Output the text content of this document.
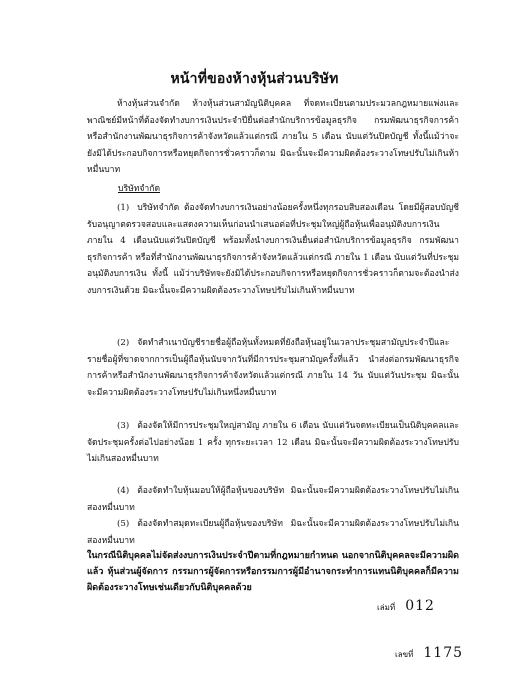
หน้าที่ของห้างหุ้นส่วนบริษัท

ห้างหุ้นส่วนจำกัด ห้างหุ้นส่วนสามัญนิติบุคคล ที่จดทะเบียนตามประมวลกฎหมายแพ่งและพาณิชย์มีหน้าที่ต้องจัดทำงบการเงินประจำปียื่นต่อสำนักบริการข้อมูลธุรกิจ กรมพัฒนาธุรกิจการค้าหรือสำนักงานพัฒนาธุรกิจการค้าจังหวัดแล้วแต่กรณี ภายใน 5 เดือน นับแต่วันปิดบัญชี ทั้งนี้แม้ว่าจะยังมิได้ประกอบกิจการหรือหยุดกิจการชั่วคราวก็ตาม มิฉะนั้นจะมีความผิดต้องระวางโทษปรับไม่เกินห้าหมื่นบาท

บริษัทจำกัด
(1) บริษัทจำกัด ต้องจัดทำงบการเงินอย่างน้อยครั้งหนึ่งทุกรอบสิบสองเดือน โดยมีผู้สอบบัญชีรับอนุญาตตรวจสอบและแสดงความเห็นก่อนนำเสนอต่อที่ประชุมใหญ่ผู้ถือหุ้นเพื่ออนุมัติงบการเงินภายใน 4 เดือนนับแต่วันปิดบัญชี พร้อมทั้งนำงบการเงินยื่นต่อสำนักบริการข้อมูลธุรกิจ กรมพัฒนาธุรกิจการค้า หรือที่สำนักงานพัฒนาธุรกิจการค้าจังหวัดแล้วแต่กรณี ภายใน 1 เดือน นับแต่วันที่ประชุมอนุมัติงบการเงิน ทั้งนี้ แม้ว่าบริษัทจะยังมิได้ประกอบกิจการหรือหยุดกิจการชั่วคราวก็ตามจะต้องนำส่งงบการเงินด้วย มิฉะนั้นจะมีความผิดต้องระวางโทษปรับไม่เกินห้าหมื่นบาท
(2) จัดทำสำเนาบัญชีรายชื่อผู้ถือหุ้นทั้งหมดที่ยังถือหุ้นอยู่ในเวลาประชุมสามัญประจำปีและรายชื่อผู้ที่ขาดจากการเป็นผู้ถือหุ้นนับจากวันที่มีการประชุมสามัญครั้งที่แล้ว นำส่งต่อกรมพัฒนาธุรกิจการค้าหรือสำนักงานพัฒนาธุรกิจการค้าจังหวัดแล้วแต่กรณี ภายใน 14 วัน นับแต่วันประชุม มิฉะนั้นจะมีความผิดต้องระวางโทษปรับไม่เกินหนึ่งหมื่นบาท
(3) ต้องจัดให้มีการประชุมใหญ่สามัญ ภายใน 6 เดือน นับแต่วันจดทะเบียนเป็นนิติบุคคลและจัดประชุมครั้งต่อไปอย่างน้อย 1 ครั้ง ทุกระยะเวลา 12 เดือน มิฉะนั้นจะมีความผิดต้องระวางโทษปรับไม่เกินสองหมื่นบาท
(4) ต้องจัดทำใบหุ้นมอบให้ผู้ถือหุ้นของบริษัท มิฉะนั้นจะมีความผิดต้องระวางโทษปรับไม่เกินสองหมื่นบาท
(5) ต้องจัดทำสมุดทะเบียนผู้ถือหุ้นของบริษัท มิฉะนั้นจะมีความผิดต้องระวางโทษปรับไม่เกินสองหมื่นบาท
ในกรณีนิติบุคคลไม่จัดส่งงบการเงินประจำปีตามที่กฎหมายกำหนด นอกจากนิติบุคคลจะมีความผิดแล้ว หุ้นส่วนผู้จัดการ กรรมการผู้จัดการหรือกรรมการผู้มีอำนาจกระทำการแทนนิติบุคคลก็มีความผิดต้องระวางโทษเช่นเดียวกับนิติบุคคลด้วย
เล่มที่ 012
เลขที่ 1175
